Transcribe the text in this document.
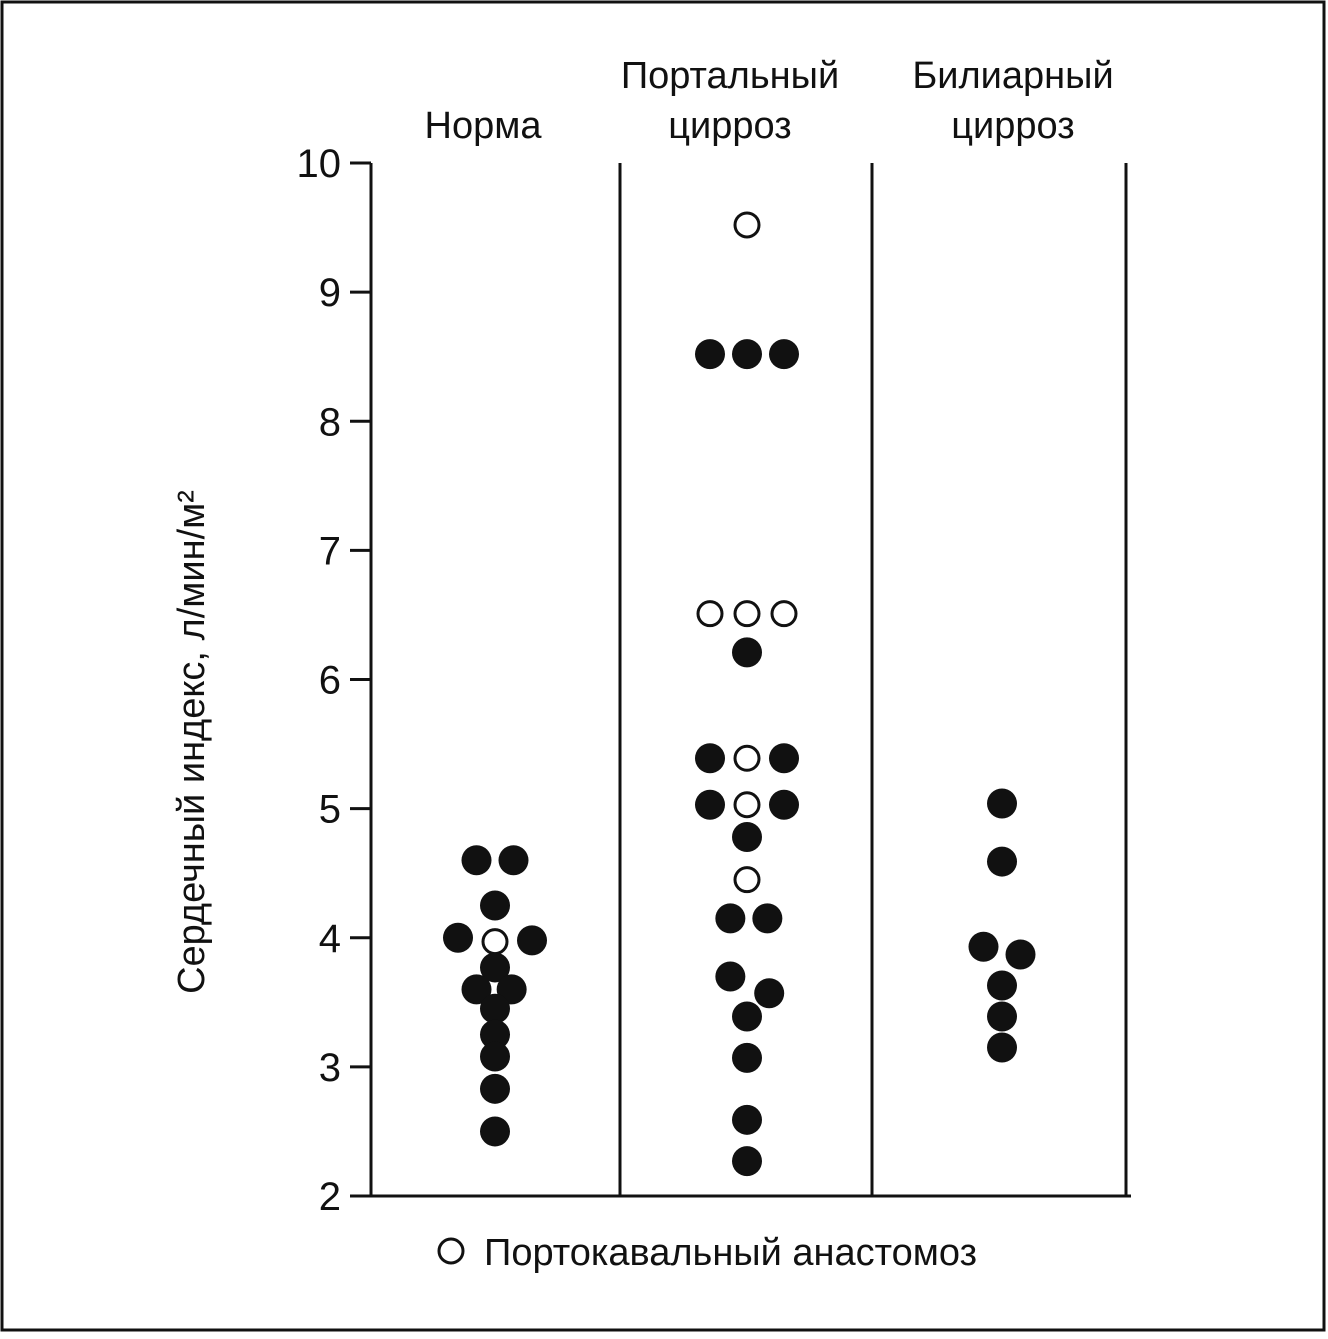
Сердечный индекс, л/мин/м²
Норма
Портальный
цирроз
Билиарный
цирроз
2
3
4
5
6
7
8
9
10
Портокавальный анастомоз
